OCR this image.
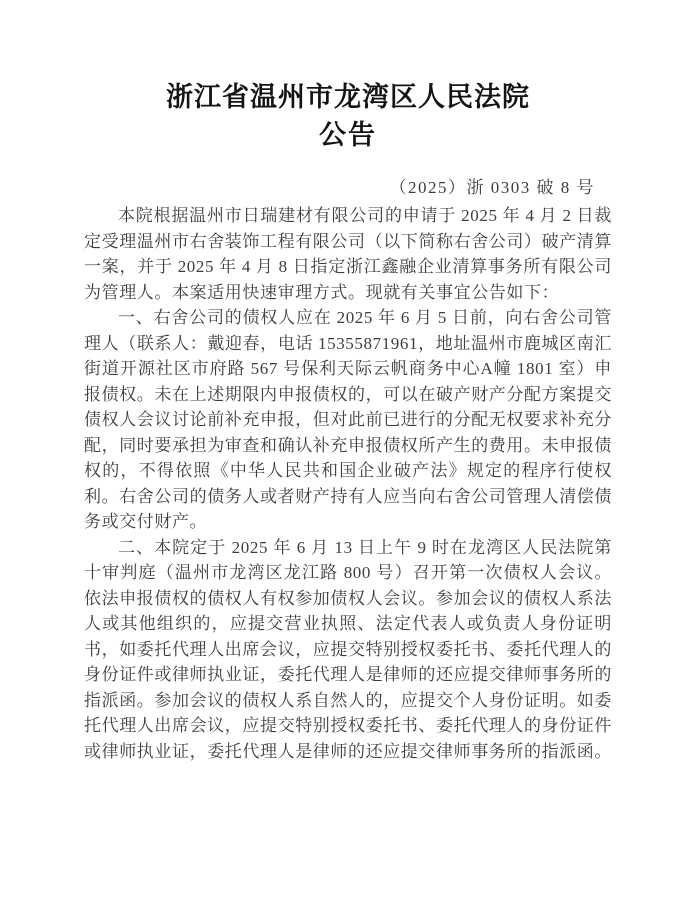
浙江省温州市龙湾区人民法院
公告
（2025）浙 0303 破 8 号

本院根据温州市日瑞建材有限公司的申请于 2025 年 4 月 2 日裁定受理温州市右舍装饰工程有限公司（以下简称右舍公司）破产清算一案，并于 2025 年 4 月 8 日指定浙江鑫融企业清算事务所有限公司为管理人。本案适用快速审理方式。现就有关事宜公告如下：

一、右舍公司的债权人应在 2025 年 6 月 5 日前，向右舍公司管理人（联系人：戴迎春，电话 15355871961，地址温州市鹿城区南汇街道开源社区市府路 567 号保利天际云帆商务中心A幢 1801 室）申报债权。未在上述期限内申报债权的，可以在破产财产分配方案提交债权人会议讨论前补充申报，但对此前已进行的分配无权要求补充分配，同时要承担为审查和确认补充申报债权所产生的费用。未申报债权的，不得依照《中华人民共和国企业破产法》规定的程序行使权利。右舍公司的债务人或者财产持有人应当向右舍公司管理人清偿债务或交付财产。

二、本院定于 2025 年 6 月 13 日上午 9 时在龙湾区人民法院第十审判庭（温州市龙湾区龙江路 800 号）召开第一次债权人会议。依法申报债权的债权人有权参加债权人会议。参加会议的债权人系法人或其他组织的，应提交营业执照、法定代表人或负责人身份证明书，如委托代理人出席会议，应提交特别授权委托书、委托代理人的身份证件或律师执业证，委托代理人是律师的还应提交律师事务所的指派函。参加会议的债权人系自然人的，应提交个人身份证明。如委托代理人出席会议，应提交特别授权委托书、委托代理人的身份证件或律师执业证，委托代理人是律师的还应提交律师事务所的指派函。
